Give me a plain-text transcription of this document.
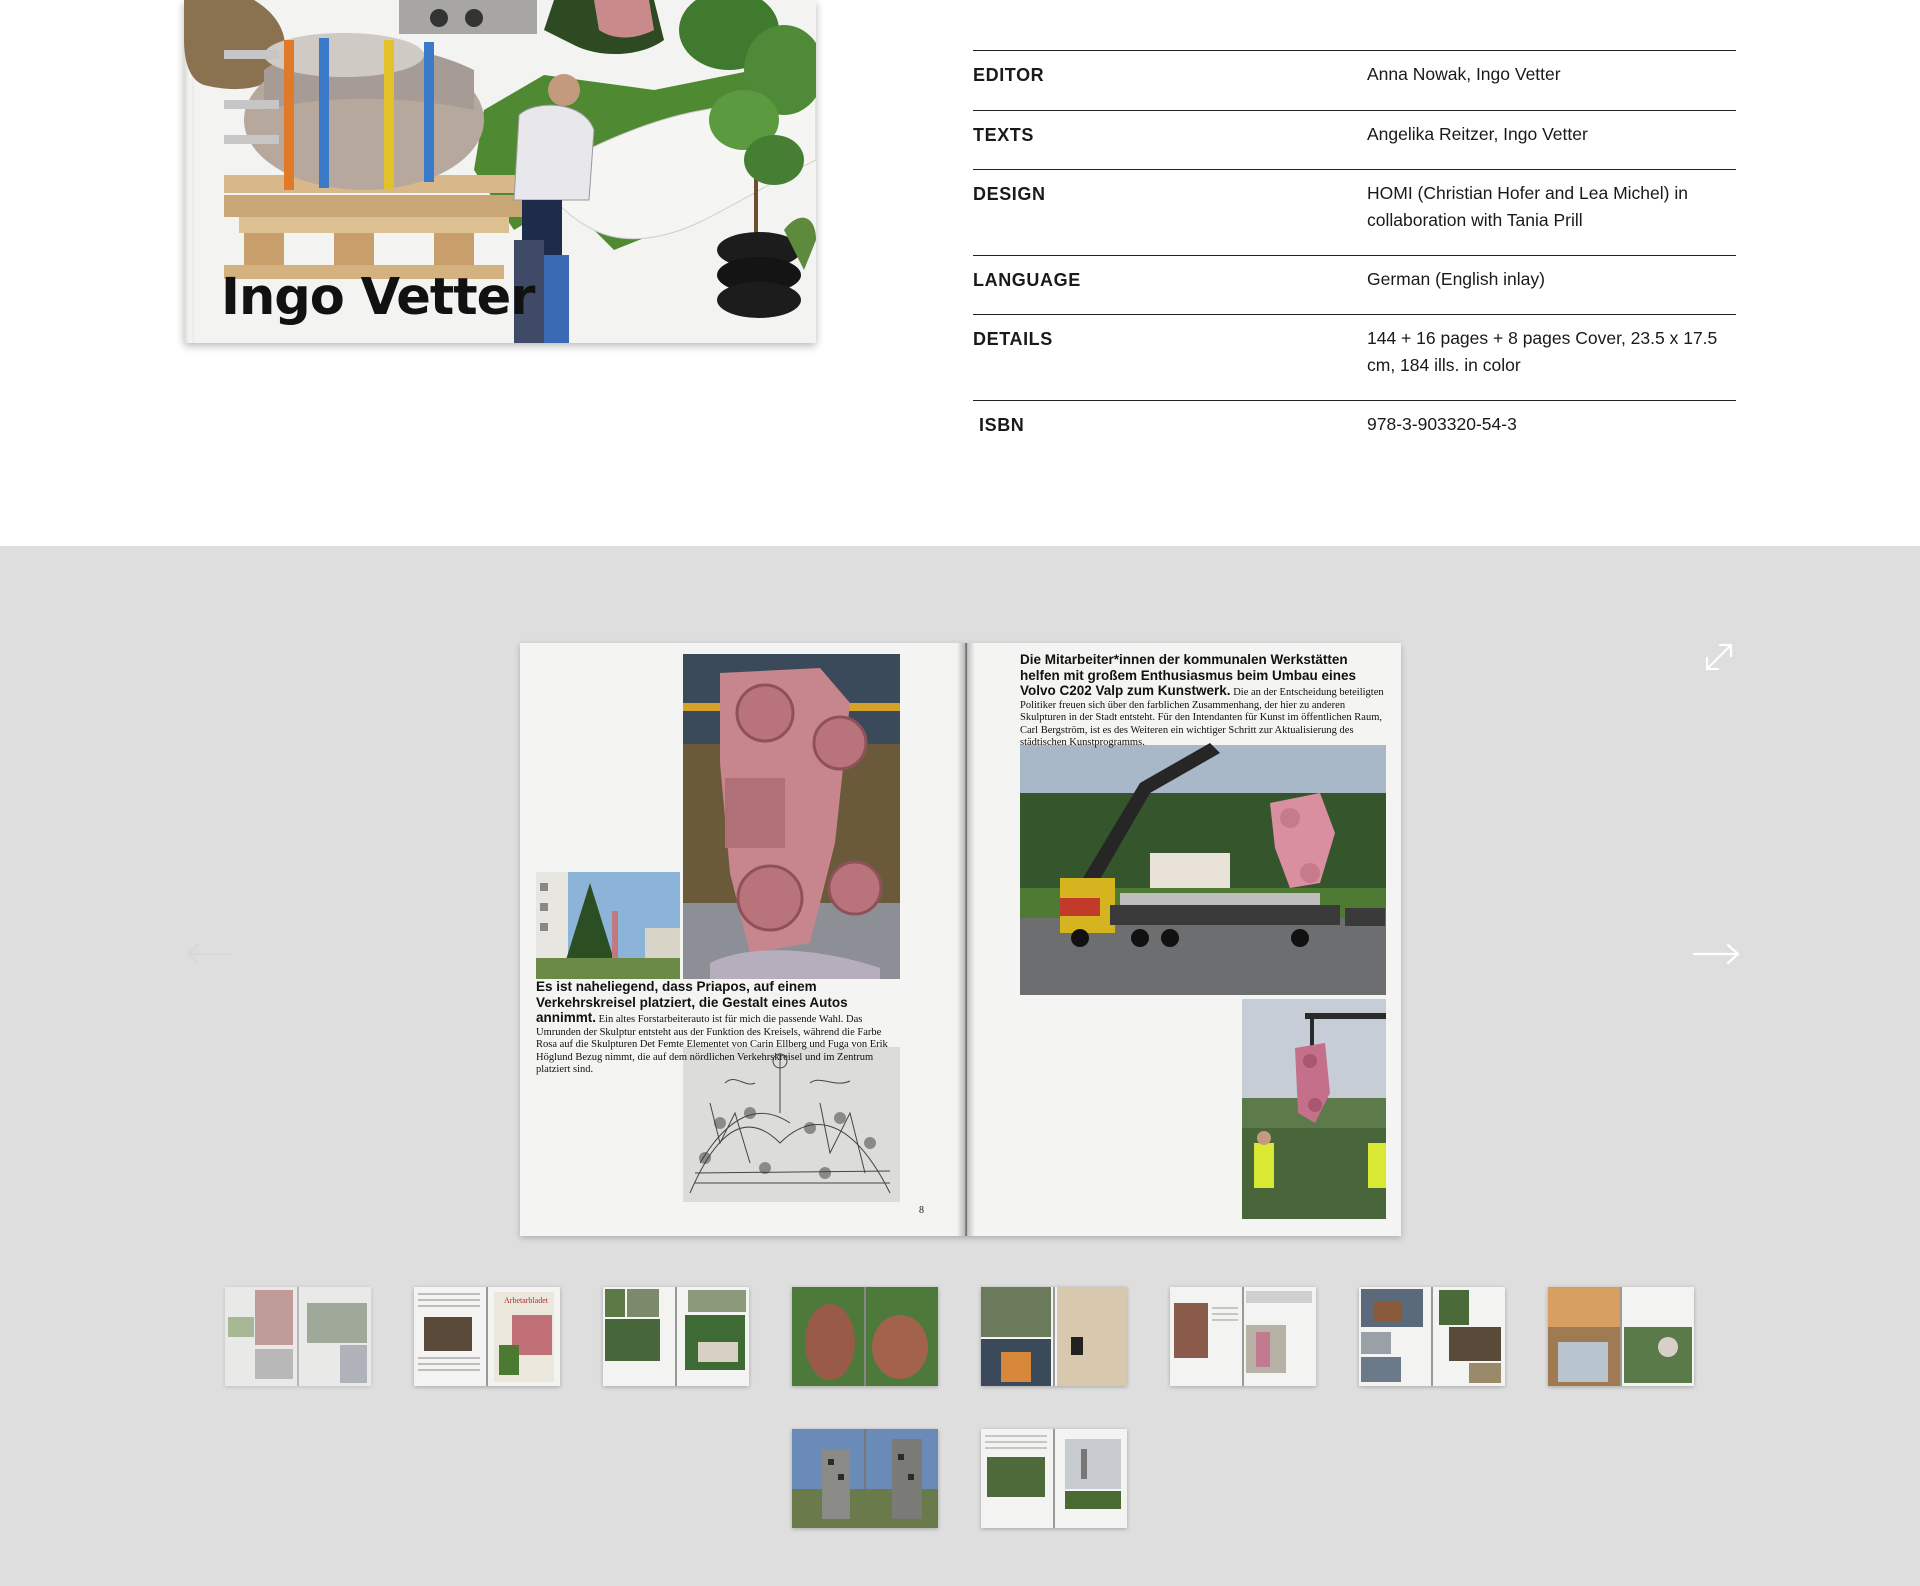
Ingo Vetter
EDITOR	Anna Nowak, Ingo Vetter
TEXTS	Angelika Reitzer, Ingo Vetter
DESIGN	HOMI (Christian Hofer and Lea Michel) in collaboration with Tania Prill
LANGUAGE	German (English inlay)
DETAILS	144 + 16 pages + 8 pages Cover, 23.5 x 17.5 cm, 184 ills. in color
ISBN	978-3-903320-54-3
Es ist naheliegend, dass Priapos, auf einem Verkehrskreisel platziert, die Gestalt eines Autos annimmt. Ein altes Forstarbeiterauto ist für mich die passende Wahl. Das Umrunden der Skulptur entsteht aus der Funktion des Kreisels, während die Farbe Rosa auf die Skulpturen Det Femte Elementet von Carin Ellberg und Fuga von Erik Höglund Bezug nimmt, die auf dem nördlichen Verkehrskreisel und im Zentrum platziert sind.
Die Mitarbeiter*innen der kommunalen Werkstätten helfen mit großem Enthusiasmus beim Umbau eines Volvo C202 Valp zum Kunstwerk. Die an der Entscheidung beteiligten Politiker freuen sich über den farblichen Zusammenhang, der hier zu anderen Skulpturen in der Stadt entsteht. Für den Intendanten für Kunst im öffentlichen Raum, Carl Bergström, ist es des Weiteren ein wichtiger Schritt zur Aktualisierung des städtischen Kunstprogramms.
8
Arbetarbladet
